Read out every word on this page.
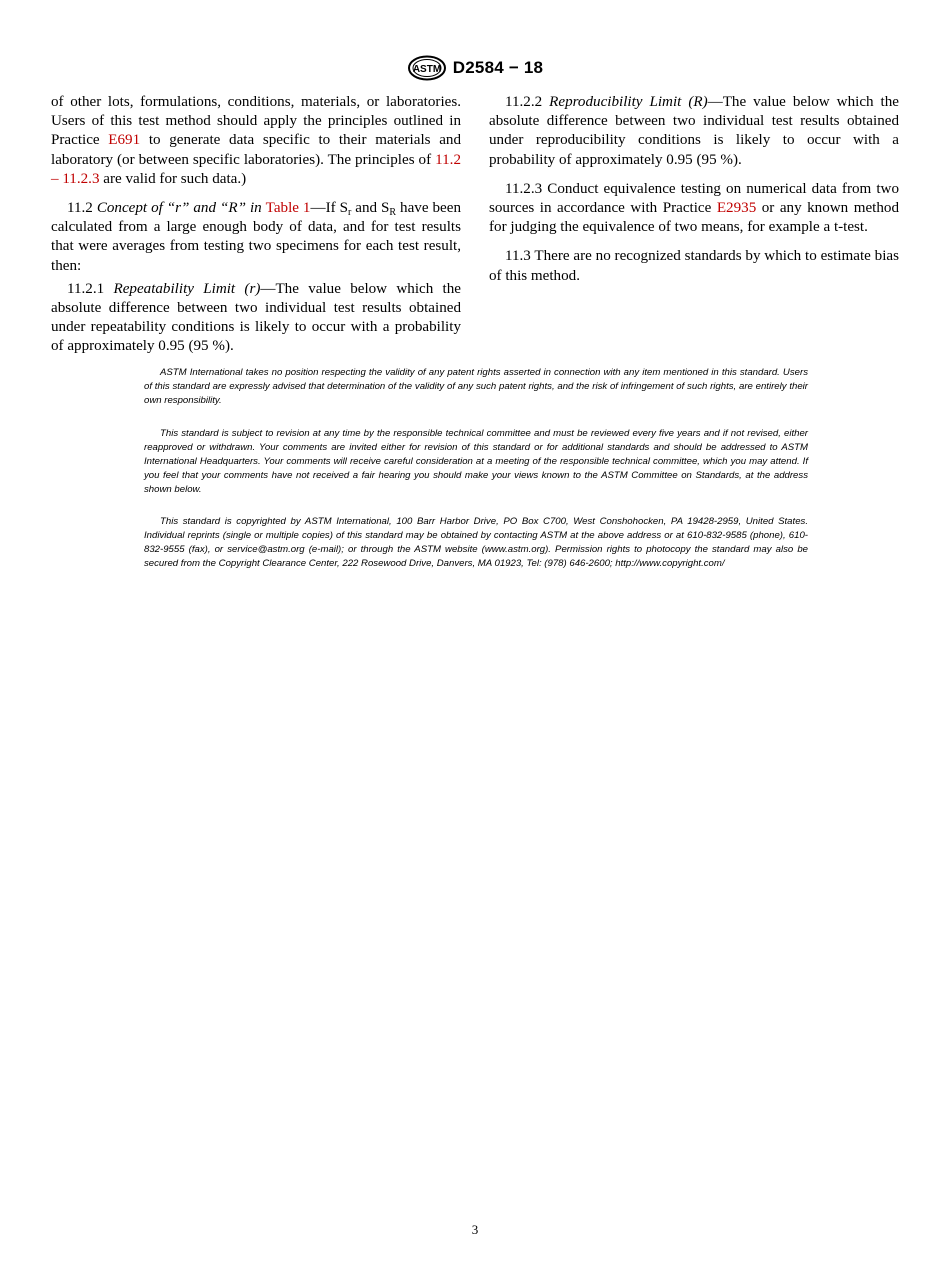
ASTM D2584 − 18

of other lots, formulations, conditions, materials, or laboratories. Users of this test method should apply the principles outlined in Practice E691 to generate data specific to their materials and laboratory (or between specific laboratories). The principles of 11.2 – 11.2.3 are valid for such data.)

11.2 Concept of “r” and “R” in Table 1—If $S_r$ and $S_R$ have been calculated from a large enough body of data, and for test results that were averages from testing two specimens for each test result, then:

11.2.1 Repeatability Limit (r)—The value below which the absolute difference between two individual test results obtained under repeatability conditions is likely to occur with a probability of approximately 0.95 (95 %).

11.2.2 Reproducibility Limit (R)—The value below which the absolute difference between two individual test results obtained under reproducibility conditions is likely to occur with a probability of approximately 0.95 (95 %).

11.2.3 Conduct equivalence testing on numerical data from two sources in accordance with Practice E2935 or any known method for judging the equivalence of two means, for example a t-test.

11.3 There are no recognized standards by which to estimate bias of this method.

ASTM International takes no position respecting the validity of any patent rights asserted in connection with any item mentioned in this standard. Users of this standard are expressly advised that determination of the validity of any such patent rights, and the risk of infringement of such rights, are entirely their own responsibility.

This standard is subject to revision at any time by the responsible technical committee and must be reviewed every five years and if not revised, either reapproved or withdrawn. Your comments are invited either for revision of this standard or for additional standards and should be addressed to ASTM International Headquarters. Your comments will receive careful consideration at a meeting of the responsible technical committee, which you may attend. If you feel that your comments have not received a fair hearing you should make your views known to the ASTM Committee on Standards, at the address shown below.

This standard is copyrighted by ASTM International, 100 Barr Harbor Drive, PO Box C700, West Conshohocken, PA 19428-2959, United States. Individual reprints (single or multiple copies) of this standard may be obtained by contacting ASTM at the above address or at 610-832-9585 (phone), 610-832-9555 (fax), or service@astm.org (e-mail); or through the ASTM website (www.astm.org). Permission rights to photocopy the standard may also be secured from the Copyright Clearance Center, 222 Rosewood Drive, Danvers, MA 01923, Tel: (978) 646-2600; http://www.copyright.com/

3
